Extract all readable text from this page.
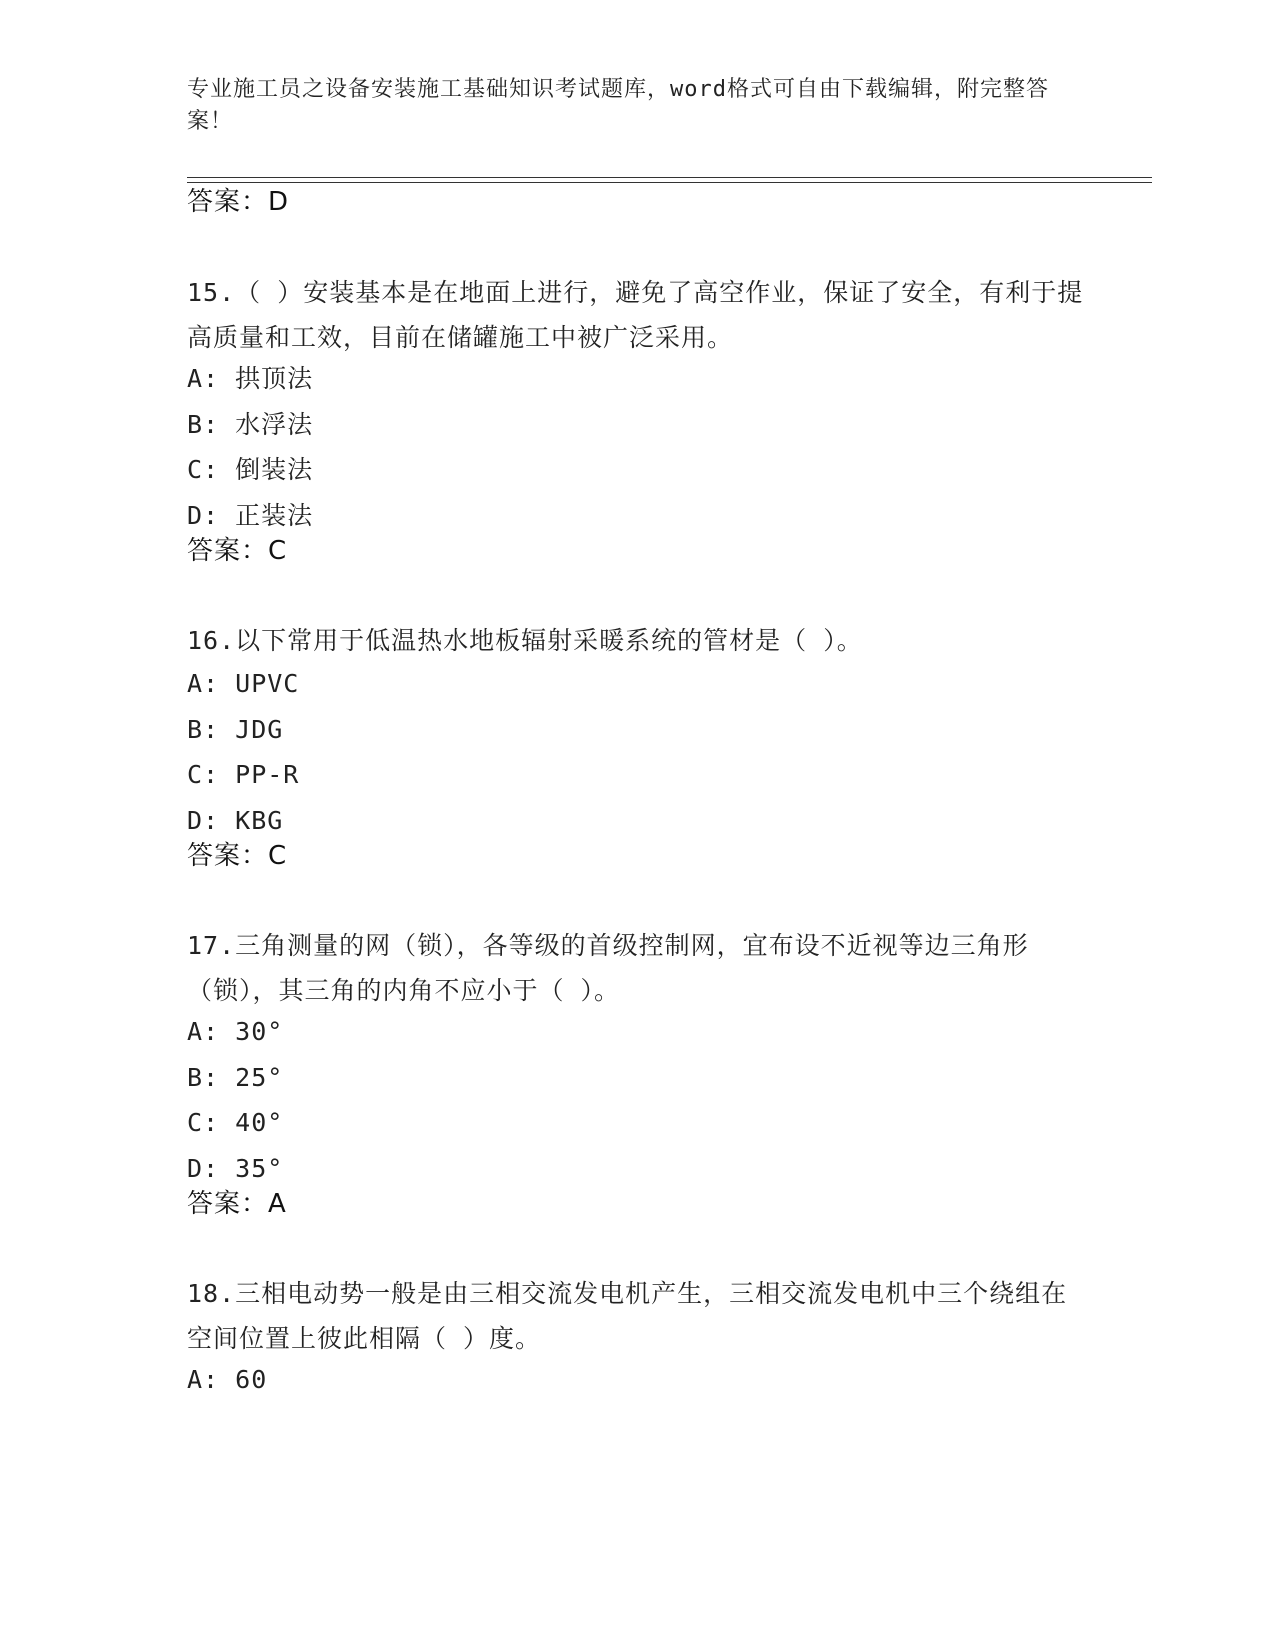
专业施工员之设备安装施工基础知识考试题库，word格式可自由下载编辑，附完整答案！
答案：D
15.（ ）安装基本是在地面上进行，避免了高空作业，保证了安全，有利于提高质量和工效，目前在储罐施工中被广泛采用。
A: 拱顶法
B: 水浮法
C: 倒装法
D: 正装法
答案：C
16.以下常用于低温热水地板辐射采暖系统的管材是（ ）。
A: UPVC
B: JDG
C: PP-R
D: KBG
答案：C
17.三角测量的网（锁），各等级的首级控制网，宜布设不近视等边三角形（锁），其三角的内角不应小于（ ）。
A: 30°
B: 25°
C: 40°
D: 35°
答案：A
18.三相电动势一般是由三相交流发电机产生，三相交流发电机中三个绕组在空间位置上彼此相隔（ ）度。
A: 60
